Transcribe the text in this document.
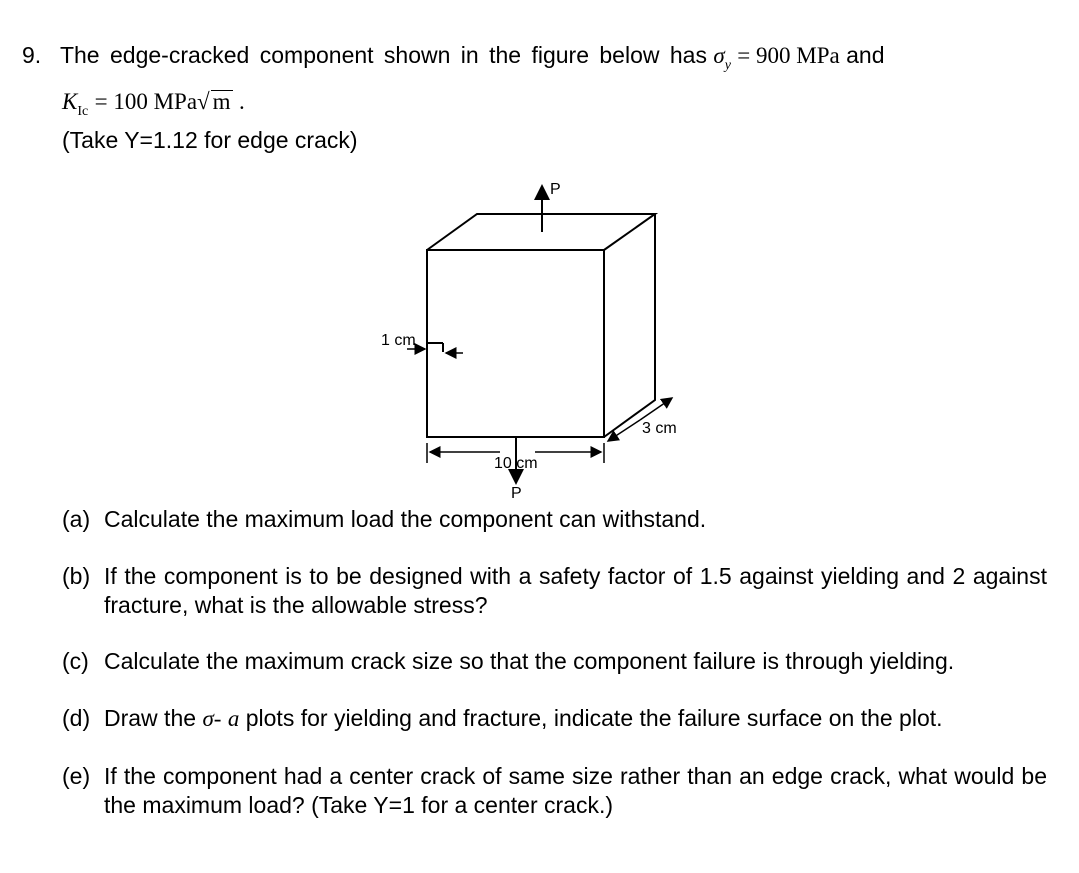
9. The edge-cracked component shown in the figure below has $\sigma_y = 900$ MPa and
$K_{Ic} = 100$ MPa√ m .
(Take Y=1.12 for edge crack)
P
P
1 cm
10 cm
3 cm
(a) Calculate the maximum load the component can withstand.
(b) If the component is to be designed with a safety factor of 1.5 against yielding and 2 against fracture, what is the allowable stress?
(c) Calculate the maximum crack size so that the component failure is through yielding.
(d) Draw the σ- a plots for yielding and fracture, indicate the failure surface on the plot.
(e) If the component had a center crack of same size rather than an edge crack, what would be the maximum load? (Take Y=1 for a center crack.)
